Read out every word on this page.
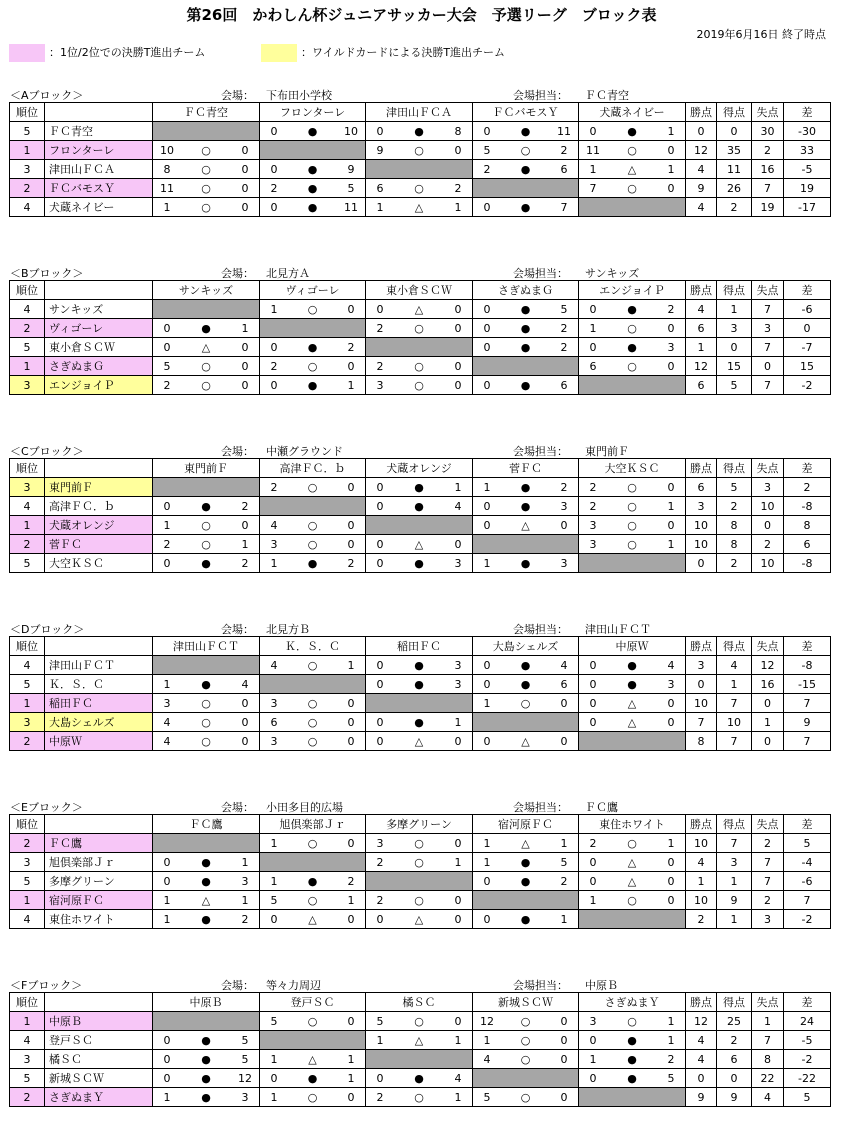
第26回　かわしん杯ジュニアサッカー大会　予選リーグ　ブロック表
2019年6月16日 終了時点
：1位/2位での決勝T進出チーム	：ワイルドカードによる決勝T進出チーム
＜Aブロック＞	会場： 下布田小学校	会場担当： ＦＣ青空
順位		ＦＣ青空	フロンターレ	津田山ＦＣＡ	ＦＣバモスＹ	犬蔵ネイビー	勝点	得点	失点	差
5	ＦＣ青空		0 ● 10	0 ● 8	0 ● 11	0 ● 1	0	0	30	-30
1	フロンターレ	10 ○ 0		9 ○ 0	5 ○ 2	11 ○ 0	12	35	2	33
3	津田山ＦＣＡ	8 ○ 0	0 ● 9		2 ● 6	1 △ 1	4	11	16	-5
2	ＦＣバモスＹ	11 ○ 0	2 ● 5	6 ○ 2		7 ○ 0	9	26	7	19
4	犬蔵ネイビー	1 ○ 0	0 ● 11	1 △ 1	0 ● 7		4	2	19	-17
＜Bブロック＞	会場： 北見方Ａ	会場担当： サンキッズ
順位		サンキッズ	ヴィゴーレ	東小倉ＳＣＷ	さぎぬまＧ	エンジョイＰ	勝点	得点	失点	差
4	サンキッズ		1 ○ 0	0 △ 0	0 ● 5	0 ● 2	4	1	7	-6
2	ヴィゴーレ	0 ● 1		2 ○ 0	0 ● 2	1 ○ 0	6	3	3	0
5	東小倉ＳＣＷ	0 △ 0	0 ● 2		0 ● 2	0 ● 3	1	0	7	-7
1	さぎぬまＧ	5 ○ 0	2 ○ 0	2 ○ 0		6 ○ 0	12	15	0	15
3	エンジョイＰ	2 ○ 0	0 ● 1	3 ○ 0	0 ● 6		6	5	7	-2
＜Cブロック＞	会場： 中瀬グラウンド	会場担当： 東門前Ｆ
順位		東門前Ｆ	高津ＦＣ．ｂ	犬蔵オレンジ	菅ＦＣ	大空ＫＳＣ	勝点	得点	失点	差
3	東門前Ｆ		2 ○ 0	0 ● 1	1 ● 2	2 ○ 0	6	5	3	2
4	高津ＦＣ．ｂ	0 ● 2		0 ● 4	0 ● 3	2 ○ 1	3	2	10	-8
1	犬蔵オレンジ	1 ○ 0	4 ○ 0		0 △ 0	3 ○ 0	10	8	0	8
2	菅ＦＣ	2 ○ 1	3 ○ 0	0 △ 0		3 ○ 1	10	8	2	6
5	大空ＫＳＣ	0 ● 2	1 ● 2	0 ● 3	1 ● 3		0	2	10	-8
＜Dブロック＞	会場： 北見方Ｂ	会場担当： 津田山ＦＣＴ
順位		津田山ＦＣＴ	Ｋ．Ｓ．Ｃ	稲田ＦＣ	大島シェルズ	中原Ｗ	勝点	得点	失点	差
4	津田山ＦＣＴ		4 ○ 1	0 ● 3	0 ● 4	0 ● 4	3	4	12	-8
5	Ｋ．Ｓ．Ｃ	1 ● 4		0 ● 3	0 ● 6	0 ● 3	0	1	16	-15
1	稲田ＦＣ	3 ○ 0	3 ○ 0		1 ○ 0	0 △ 0	10	7	0	7
3	大島シェルズ	4 ○ 0	6 ○ 0	0 ● 1		0 △ 0	7	10	1	9
2	中原Ｗ	4 ○ 0	3 ○ 0	0 △ 0	0 △ 0		8	7	0	7
＜Eブロック＞	会場： 小田多目的広場	会場担当： ＦＣ鷹
順位		ＦＣ鷹	旭倶楽部Ｊｒ	多摩グリーン	宿河原ＦＣ	東住ホワイト	勝点	得点	失点	差
2	ＦＣ鷹		1 ○ 0	3 ○ 0	1 △ 1	2 ○ 1	10	7	2	5
3	旭倶楽部Ｊｒ	0 ● 1		2 ○ 1	1 ● 5	0 △ 0	4	3	7	-4
5	多摩グリーン	0 ● 3	1 ● 2		0 ● 2	0 △ 0	1	1	7	-6
1	宿河原ＦＣ	1 △ 1	5 ○ 1	2 ○ 0		1 ○ 0	10	9	2	7
4	東住ホワイト	1 ● 2	0 △ 0	0 △ 0	0 ● 1		2	1	3	-2
＜Fブロック＞	会場： 等々力周辺	会場担当： 中原Ｂ
順位		中原Ｂ	登戸ＳＣ	橘ＳＣ	新城ＳＣＷ	さぎぬまＹ	勝点	得点	失点	差
1	中原Ｂ		5 ○ 0	5 ○ 0	12 ○ 0	3 ○ 1	12	25	1	24
4	登戸ＳＣ	0 ● 5		1 △ 1	1 ○ 0	0 ● 1	4	2	7	-5
3	橘ＳＣ	0 ● 5	1 △ 1		4 ○ 0	1 ● 2	4	6	8	-2
5	新城ＳＣＷ	0 ● 12	0 ● 1	0 ● 4		0 ● 5	0	0	22	-22
2	さぎぬまＹ	1 ● 3	1 ○ 0	2 ○ 1	5 ○ 0		9	9	4	5
